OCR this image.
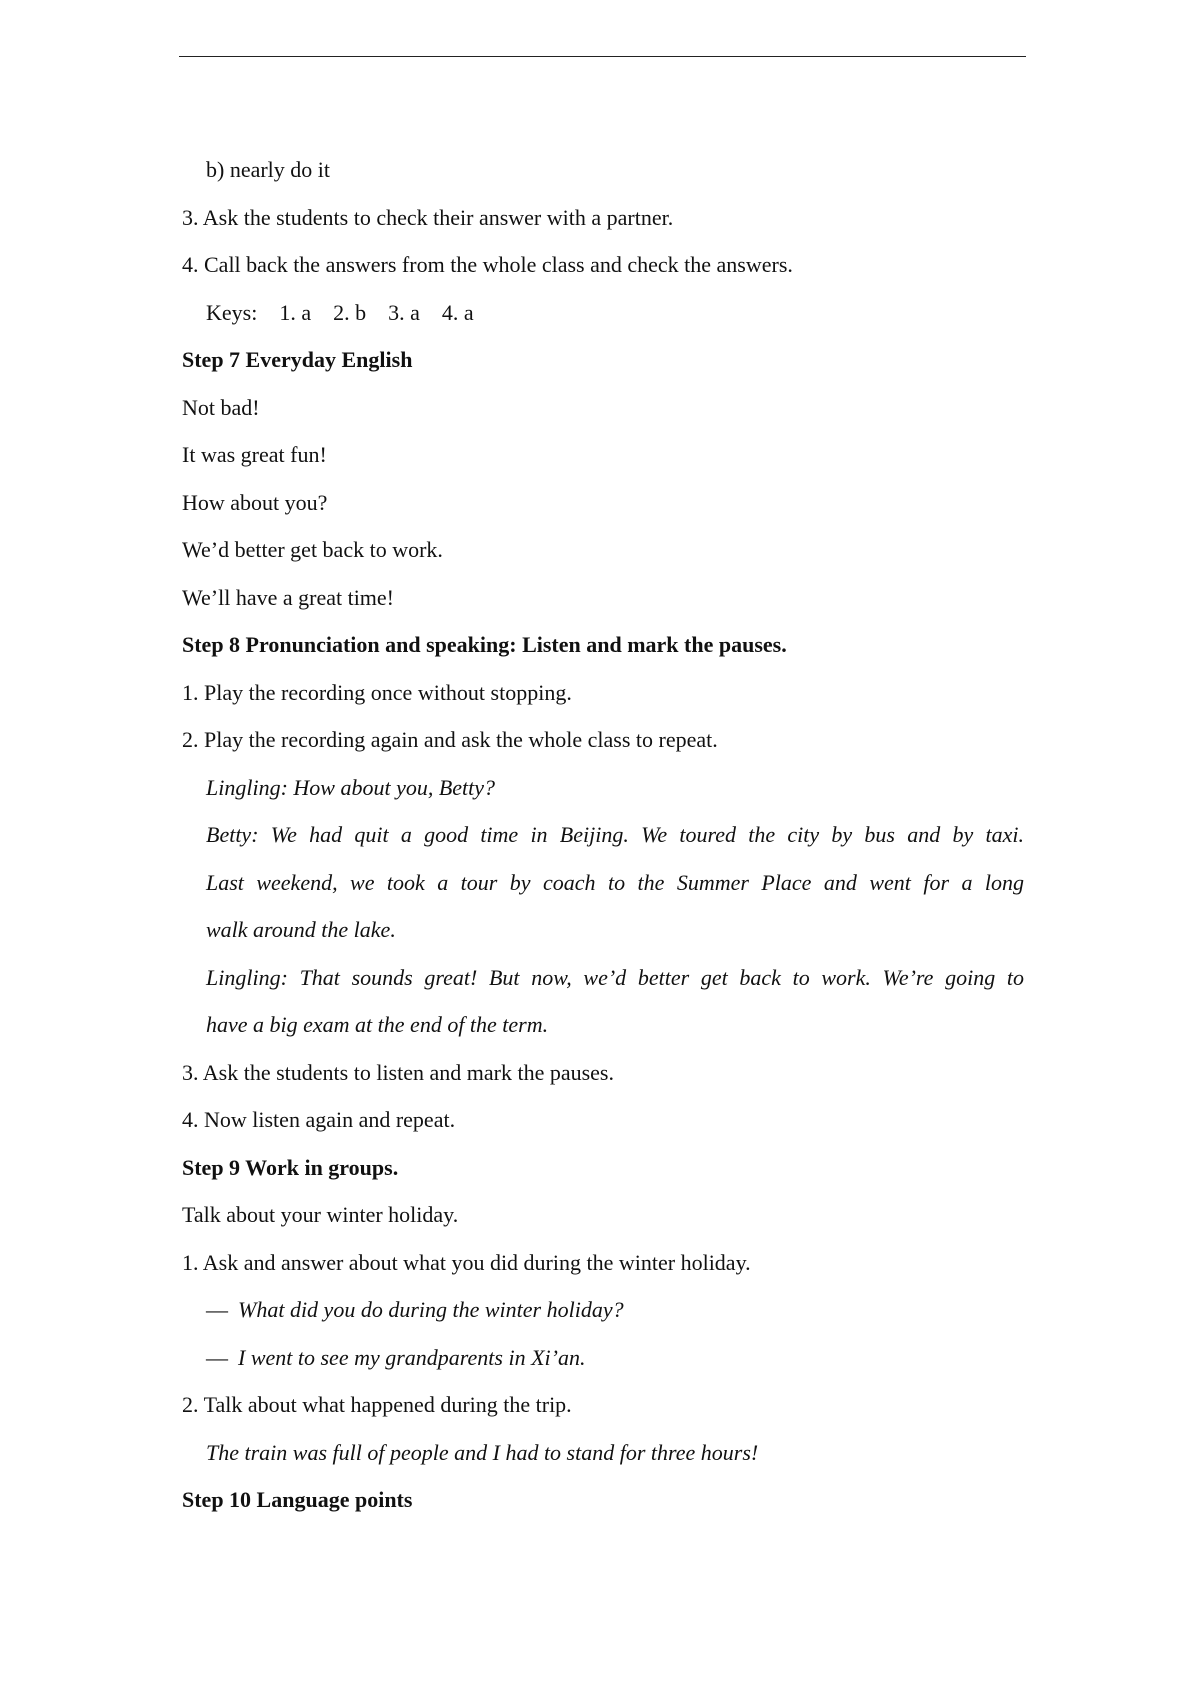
b) nearly do it
3. Ask the students to check their answer with a partner.
4. Call back the answers from the whole class and check the answers.
Keys: 1. a 2. b 3. a 4. a
Step 7 Everyday English
Not bad!
It was great fun!
How about you?
We’d better get back to work.
We’ll have a great time!
Step 8 Pronunciation and speaking: Listen and mark the pauses.
1. Play the recording once without stopping.
2. Play the recording again and ask the whole class to repeat.
Lingling: How about you, Betty?
Betty: We had quit a good time in Beijing. We toured the city by bus and by taxi.
Last weekend, we took a tour by coach to the Summer Place and went for a long
walk around the lake.
Lingling: That sounds great! But now, we’d better get back to work. We’re going to
have a big exam at the end of the term.
3. Ask the students to listen and mark the pauses.
4. Now listen again and repeat.
Step 9 Work in groups.
Talk about your winter holiday.
1. Ask and answer about what you did during the winter holiday.
— What did you do during the winter holiday?
— I went to see my grandparents in Xi’an.
2. Talk about what happened during the trip.
The train was full of people and I had to stand for three hours!
Step 10 Language points
